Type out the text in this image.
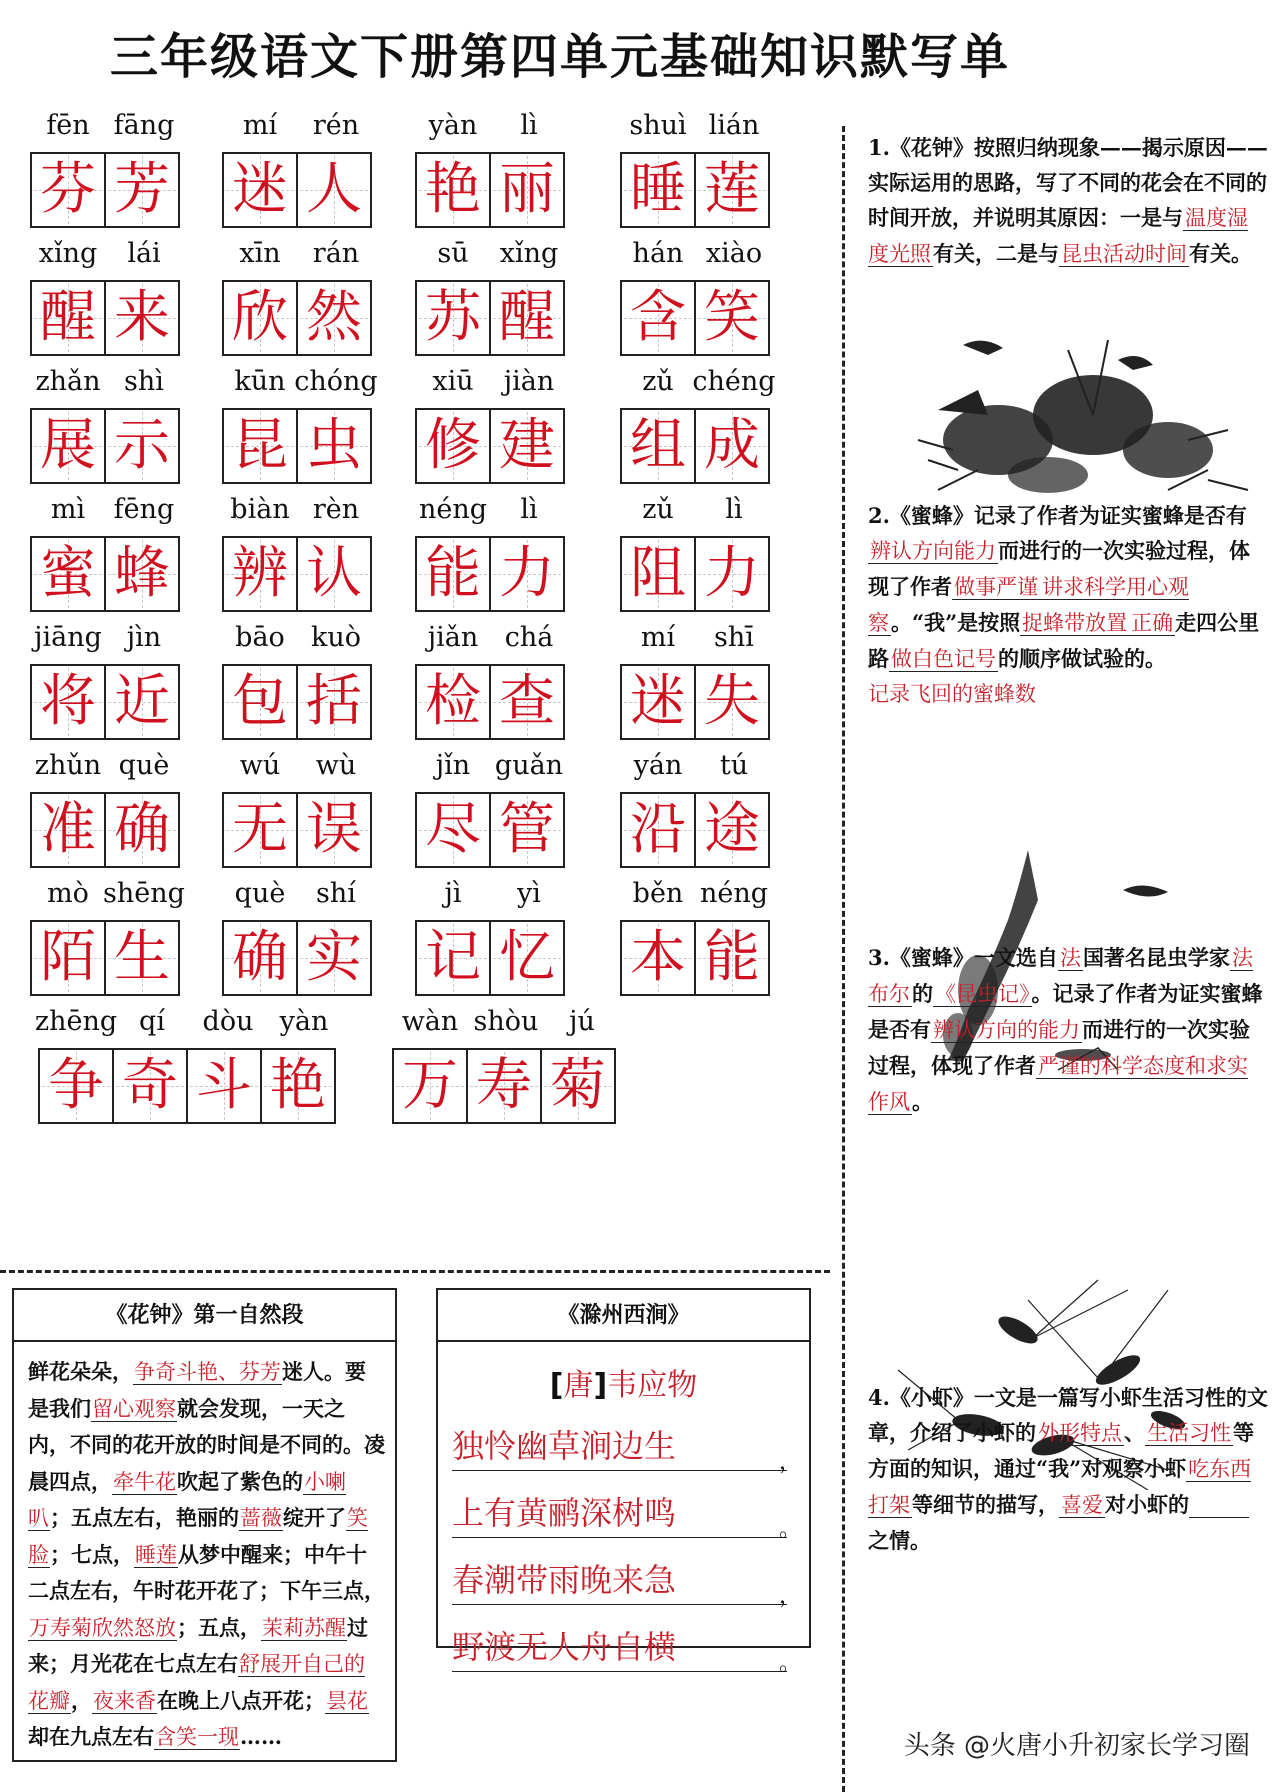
三年级语文下册第四单元基础知识默写单
fēn fāng
芬 芳
mí rén
迷 人
yàn lì
艳 丽
shuì lián
睡 莲
xǐng lái
醒 来
xīn rán
欣 然
sū xǐng
苏 醒
hán xiào
含 笑
zhǎn shì
展 示
kūn chóng
昆 虫
xiū jiàn
修 建
zǔ chéng
组 成
mì fēng
蜜 蜂
biàn rèn
辨 认
néng lì
能 力
zǔ lì
阻 力
jiāng jìn
将 近
bāo kuò
包 括
jiǎn chá
检 查
mí shī
迷 失
zhǔn què
准 确
wú wù
无 误
jǐn guǎn
尽 管
yán tú
沿 途
mò shēng
陌 生
què shí
确 实
jì yì
记 忆
běn néng
本 能
zhēng qí dòu yàn
争 奇 斗 艳
wàn shòu jú
万 寿 菊
1.《花钟》按照归纳现象——揭示原因——实际运用的思路，写了不同的花会在不同的时间开放，并说明其原因：一是与温度湿度光照有关，二是与昆虫活动时间有关。
2.《蜜蜂》记录了作者为证实蜜蜂是否有辨认方向能力而进行的一次实验过程，体现了作者做事严谨 讲求科学用心观察。“我”是按照捉蜂带放置 正确走四公里路做白色记号的顺序做试验的。
记录飞回的蜜蜂数
3.《蜜蜂》一文选自法国著名昆虫学家法布尔的《昆虫记》。记录了作者为证实蜜蜂是否有辨认方向的能力而进行的一次实验过程，体现了作者严谨的科学态度和求实作风。
4.《小虾》一文是一篇写小虾生活习性的文章，介绍了小虾的外形特点、生活习性等方面的知识，通过“我”对观察小虾吃东西打架等细节的描写，喜爱对小虾的之情。
《花钟》第一自然段
鲜花朵朵，争奇斗艳、芬芳迷人。要是我们留心观察就会发现，一天之内，不同的花开放的时间是不同的。凌晨四点，牵牛花吹起了紫色的小喇叭；五点左右，艳丽的蔷薇绽开了笑脸；七点，睡莲从梦中醒来；中午十二点左右，午时花开花了；下午三点，万寿菊欣然怒放；五点，茉莉苏醒过来；月光花在七点左右舒展开自己的花瓣，夜来香在晚上八点开花；昙花却在九点左右含笑一现……
《滁州西涧》
[唐]韦应物
独怜幽草涧边生	，
上有黄鹂深树鸣	。
春潮带雨晚来急	，
野渡无人舟自横	。
头条 @火唐小升初家长学习圈
